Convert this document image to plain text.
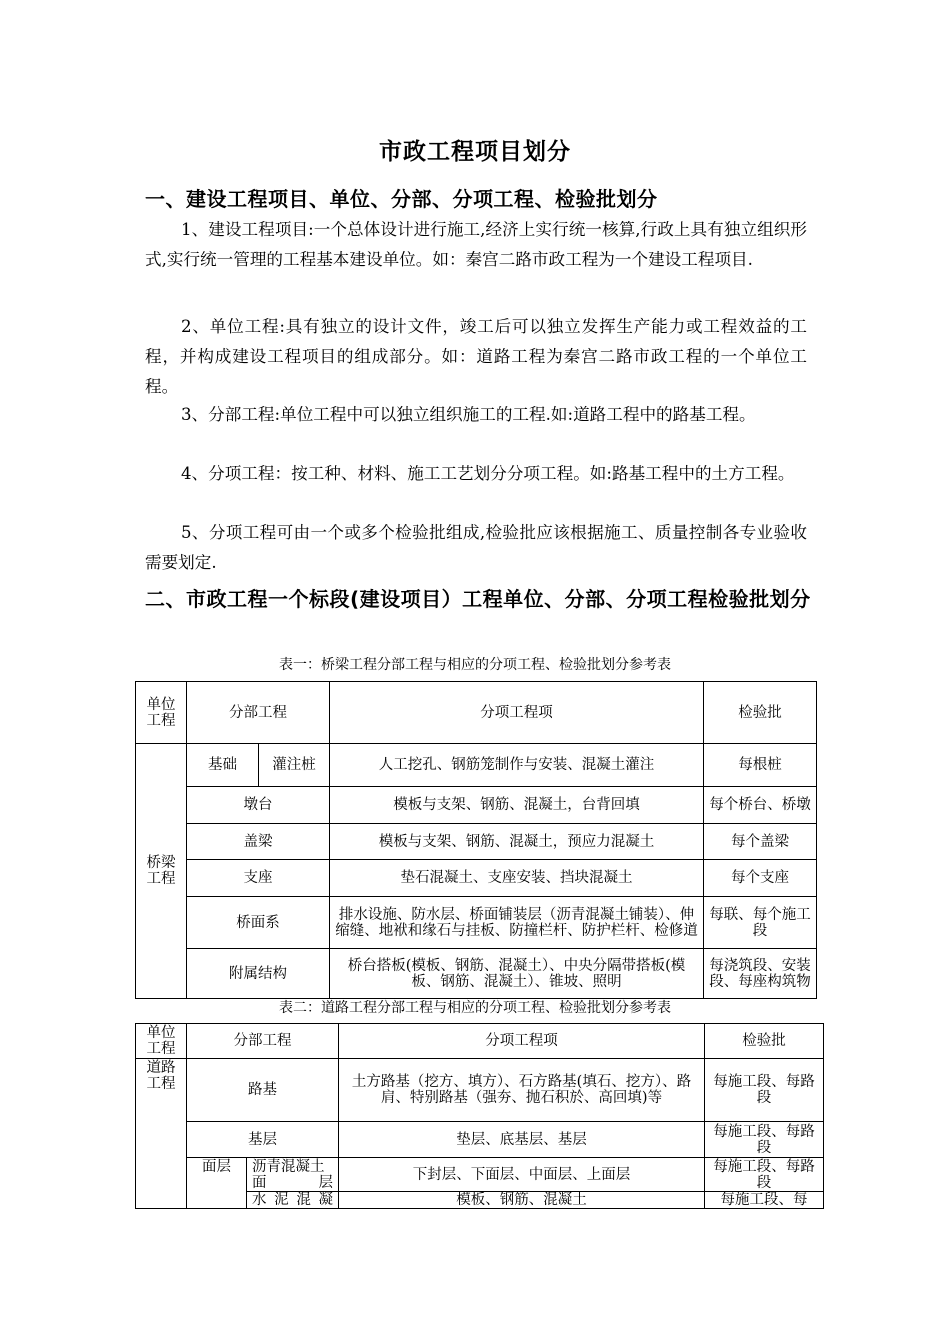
市政工程项目划分
一、建设工程项目、单位、分部、分项工程、检验批划分
1、建设工程项目:一个总体设计进行施工,经济上实行统一核算,行政上具有独立组织形式,实行统一管理的工程基本建设单位。如：秦宫二路市政工程为一个建设工程项目.
2、单位工程:具有独立的设计文件，竣工后可以独立发挥生产能力或工程效益的工程，并构成建设工程项目的组成部分。如：道路工程为秦宫二路市政工程的一个单位工程。
3、分部工程:单位工程中可以独立组织施工的工程.如:道路工程中的路基工程。
4、分项工程：按工种、材料、施工工艺划分分项工程。如:路基工程中的土方工程。
5、分项工程可由一个或多个检验批组成,检验批应该根据施工、质量控制各专业验收需要划定.
二、市政工程一个标段(建设项目）工程单位、分部、分项工程检验批划分
表一：桥梁工程分部工程与相应的分项工程、检验批划分参考表
单位工程	分部工程		分项工程项	检验批
桥梁工程	基础	灌注桩	人工挖孔、钢筋笼制作与安装、混凝土灌注	每根桩
	墩台		模板与支架、钢筋、混凝土，台背回填	每个桥台、桥墩
	盖梁		模板与支架、钢筋、混凝土，预应力混凝土	每个盖梁
	支座		垫石混凝土、支座安装、挡块混凝土	每个支座
	桥面系		排水设施、防水层、桥面铺装层（沥青混凝土铺装）、伸缩缝、地袱和缘石与挂板、防撞栏杆、防护栏杆、检修道	每联、每个施工段
	附属结构		桥台搭板(模板、钢筋、混凝土）、中央分隔带搭板(模板、钢筋、混凝土）、锥坡、照明	每浇筑段、安装段、每座构筑物
表二：道路工程分部工程与相应的分项工程、检验批划分参考表
单位工程	分部工程		分项工程项	检验批
道路工程	路基		土方路基（挖方、填方）、石方路基(填石、挖方）、路肩、特别路基（强夯、抛石积於、高回填)等	每施工段、每路段
	基层		垫层、底基层、基层	每施工段、每路段
	面层	沥青混凝土面层	下封层、下面层、中面层、上面层	每施工段、每路段
		水泥混凝	模板、钢筋、混凝土	每施工段、每
